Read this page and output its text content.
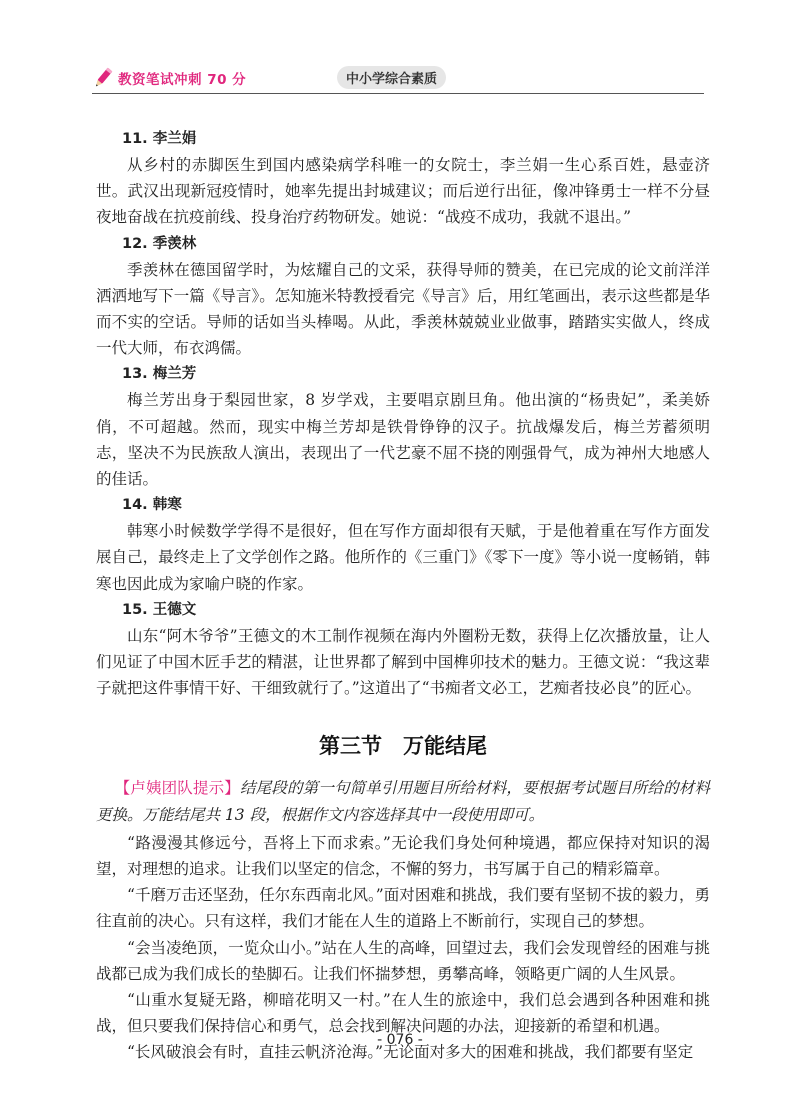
教资笔试冲刺 70 分	中小学综合素质
11. 李兰娟

从乡村的赤脚医生到国内感染病学科唯一的女院士，李兰娟一生心系百姓，悬壶济世。武汉出现新冠疫情时，她率先提出封城建议；而后逆行出征，像冲锋勇士一样不分昼夜地奋战在抗疫前线、投身治疗药物研发。她说：“战疫不成功，我就不退出。”

12. 季羡林

季羡林在德国留学时，为炫耀自己的文采，获得导师的赞美，在已完成的论文前洋洋洒洒地写下一篇《导言》。怎知施米特教授看完《导言》后，用红笔画出，表示这些都是华而不实的空话。导师的话如当头棒喝。从此，季羡林兢兢业业做事，踏踏实实做人，终成一代大师，布衣鸿儒。

13. 梅兰芳

梅兰芳出身于梨园世家，8 岁学戏，主要唱京剧旦角。他出演的“杨贵妃”，柔美娇俏，不可超越。然而，现实中梅兰芳却是铁骨铮铮的汉子。抗战爆发后，梅兰芳蓄须明志，坚决不为民族敌人演出，表现出了一代艺豪不屈不挠的刚强骨气，成为神州大地感人的佳话。

14. 韩寒

韩寒小时候数学学得不是很好，但在写作方面却很有天赋，于是他着重在写作方面发展自己，最终走上了文学创作之路。他所作的《三重门》《零下一度》等小说一度畅销，韩寒也因此成为家喻户晓的作家。

15. 王德文

山东“阿木爷爷”王德文的木工制作视频在海内外圈粉无数，获得上亿次播放量，让人们见证了中国木匠手艺的精湛，让世界都了解到中国榫卯技术的魅力。王德文说：“我这辈子就把这件事情干好、干细致就行了。”这道出了“书痴者文必工，艺痴者技必良”的匠心。

第三节　万能结尾

【卢姨团队提示】结尾段的第一句简单引用题目所给材料，要根据考试题目所给的材料更换。万能结尾共 13 段，根据作文内容选择其中一段使用即可。

“路漫漫其修远兮，吾将上下而求索。”无论我们身处何种境遇，都应保持对知识的渴望，对理想的追求。让我们以坚定的信念，不懈的努力，书写属于自己的精彩篇章。

“千磨万击还坚劲，任尔东西南北风。”面对困难和挑战，我们要有坚韧不拔的毅力，勇往直前的决心。只有这样，我们才能在人生的道路上不断前行，实现自己的梦想。

“会当凌绝顶，一览众山小。”站在人生的高峰，回望过去，我们会发现曾经的困难与挑战都已成为我们成长的垫脚石。让我们怀揣梦想，勇攀高峰，领略更广阔的人生风景。

“山重水复疑无路，柳暗花明又一村。”在人生的旅途中，我们总会遇到各种困难和挑战，但只要我们保持信心和勇气，总会找到解决问题的办法，迎接新的希望和机遇。

“长风破浪会有时，直挂云帆济沧海。”无论面对多大的困难和挑战，我们都要有坚定

- 076 -
